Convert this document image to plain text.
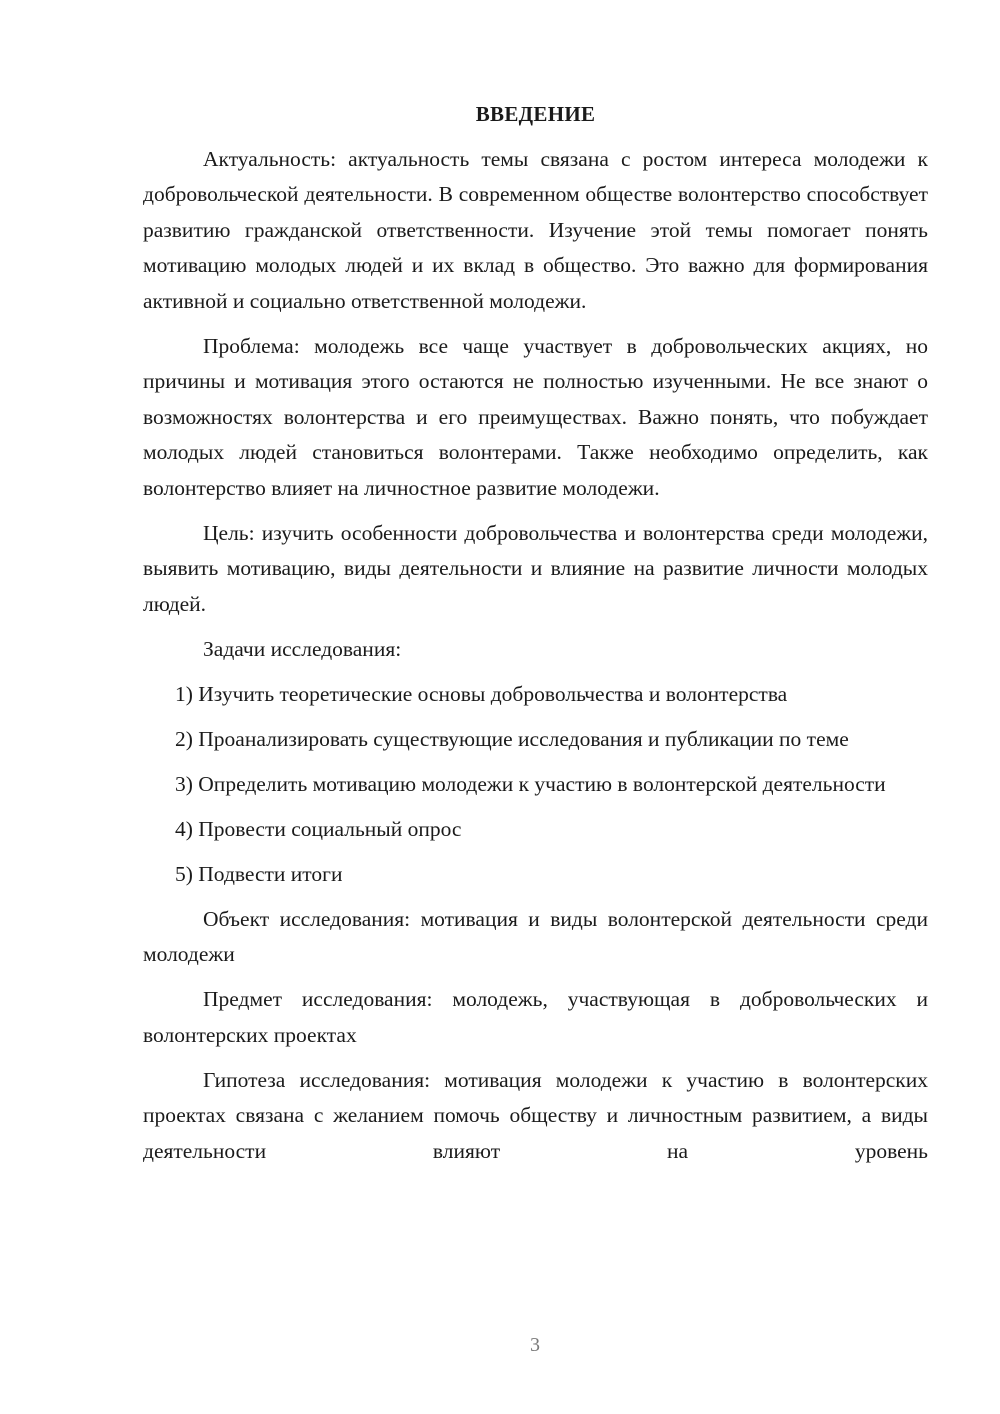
ВВЕДЕНИЕ

Актуальность: актуальность темы связана с ростом интереса молодежи к добровольческой деятельности. В современном обществе волонтерство способствует развитию гражданской ответственности. Изучение этой темы помогает понять мотивацию молодых людей и их вклад в общество. Это важно для формирования активной и социально ответственной молодежи.

Проблема: молодежь все чаще участвует в добровольческих акциях, но причины и мотивация этого остаются не полностью изученными. Не все знают о возможностях волонтерства и его преимуществах. Важно понять, что побуждает молодых людей становиться волонтерами. Также необходимо определить, как волонтерство влияет на личностное развитие молодежи.

Цель: изучить особенности добровольчества и волонтерства среди молодежи, выявить мотивацию, виды деятельности и влияние на развитие личности молодых людей.

Задачи исследования:

1) Изучить теоретические основы добровольчества и волонтерства

2) Проанализировать существующие исследования и публикации по теме

3) Определить мотивацию молодежи к участию в волонтерской деятельности

4) Провести социальный опрос

5) Подвести итоги

Объект исследования: мотивация и виды волонтерской деятельности среди молодежи

Предмет исследования: молодежь, участвующая в добровольческих и волонтерских проектах

Гипотеза исследования: мотивация молодежи к участию в волонтерских проектах связана с желанием помочь обществу и личностным развитием, а виды деятельности влияют на уровень

3
